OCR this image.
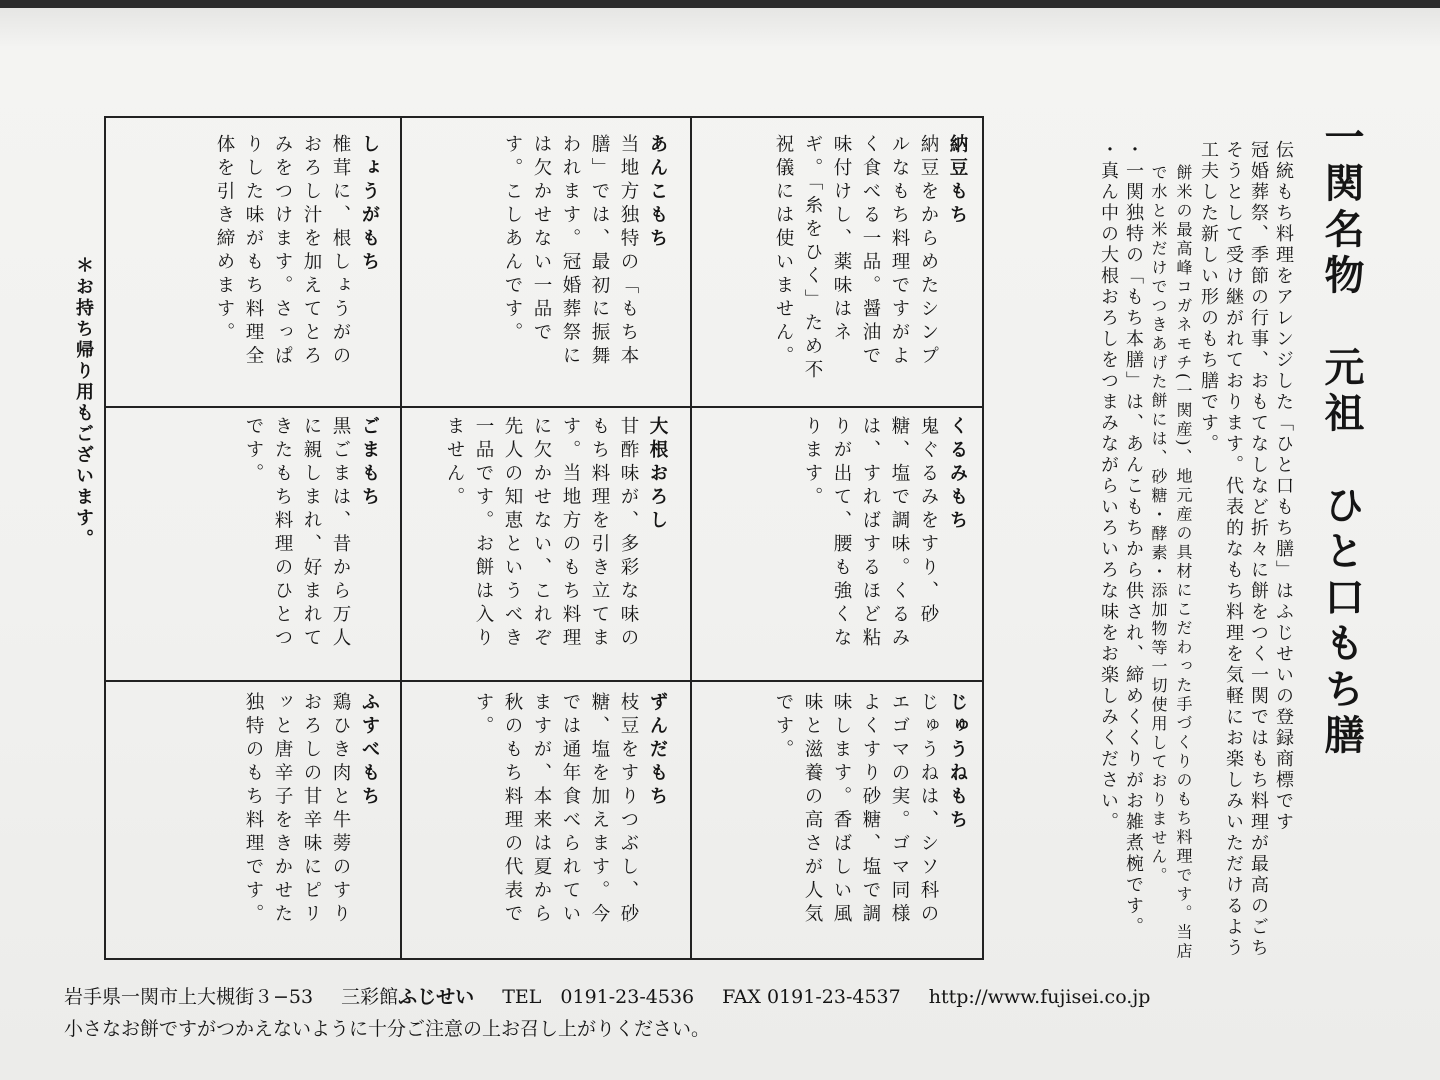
一関名物　元祖　ひと口もち膳
伝統もち料理をアレンジした「ひと口もち膳」はふじせいの登録商標です
冠婚葬祭、季節の行事、おもてなしなど折々に餅をつく一関ではもち料理が最高のごちそうとして受け継がれております。代表的なもち料理を気軽にお楽しみいただけるよう工夫した新しい形のもち膳です。
餅米の最高峰コガネモチ(一関産)、地元産の具材にこだわった手づくりのもち料理です。当店で水と米だけでつきあげた餅には、砂糖・酵素・添加物等一切使用しておりません。
・一関独特の「もち本膳」は、あんこもちから供され、締めくくりがお雑煮椀です。
・真ん中の大根おろしをつまみながらいろいろな味をお楽しみください。
納豆もち
納豆をからめたシンプルなもち料理ですがよく食べる一品。醤油で味付けし、薬味はネギ。「糸をひく」ため不祝儀には使いません。
あんこもち
当地方独特の「もち本膳」では、最初に振舞われます。冠婚葬祭には欠かせない一品です。こしあんです。
しょうがもち
椎茸に、根しょうがのおろし汁を加えてとろみをつけます。さっぱりした味がもち料理全体を引き締めます。
くるみもち
鬼ぐるみをすり、砂糖、塩で調味。くるみは、すればするほど粘りが出て、腰も強くなります。
大根おろし
甘酢味が、多彩な味のもち料理を引き立てます。当地方のもち料理に欠かせない、これぞ先人の知恵というべき一品です。お餅は入りません。
ごまもち
黒ごまは、昔から万人に親しまれ、好まれてきたもち料理のひとつです。
じゅうねもち
じゅうねは、シソ科のエゴマの実。ゴマ同様よくすり砂糖、塩で調味します。香ばしい風味と滋養の高さが人気です。
ずんだもち
枝豆をすりつぶし、砂糖、塩を加えます。今では通年食べられていますが、本来は夏から秋のもち料理の代表です。
ふすべもち
鶏ひき肉と牛蒡のすりおろしの甘辛味にピリッと唐辛子をきかせた独特のもち料理です。
＊お持ち帰り用もございます。
岩手県一関市上大槻街３−53 三彩館ふじせい TEL　0191-23-4536 FAX 0191-23-4537 http://www.fujisei.co.jp
小さなお餅ですがつかえないように十分ご注意の上お召し上がりください。
